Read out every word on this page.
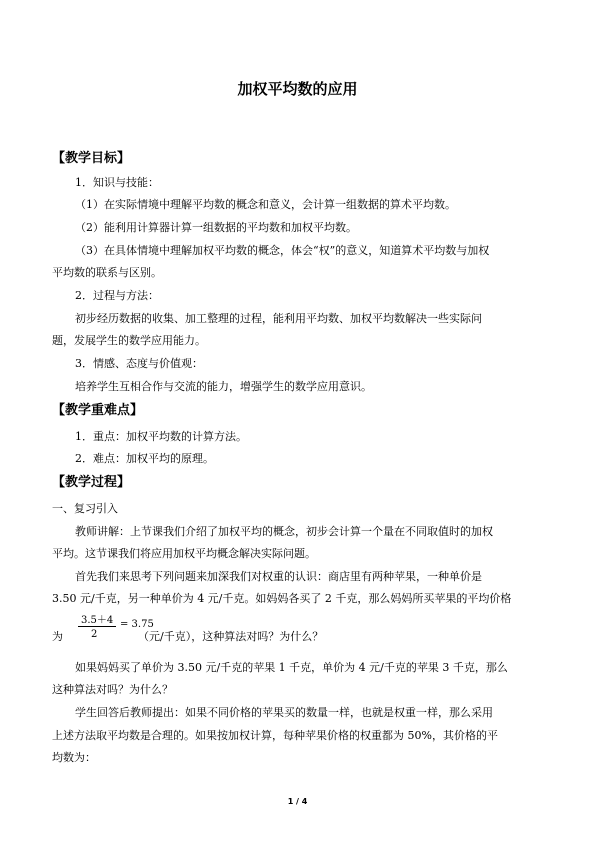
加权平均数的应用
【教学目标】
1．知识与技能：
（1）在实际情境中理解平均数的概念和意义，会计算一组数据的算术平均数。
（2）能利用计算器计算一组数据的平均数和加权平均数。
（3）在具体情境中理解加权平均数的概念，体会“权”的意义，知道算术平均数与加权
平均数的联系与区别。
2．过程与方法：
初步经历数据的收集、加工整理的过程，能利用平均数、加权平均数解决一些实际问
题，发展学生的数学应用能力。
3．情感、态度与价值观：
培养学生互相合作与交流的能力，增强学生的数学应用意识。
【教学重难点】
1．重点：加权平均数的计算方法。
2．难点：加权平均的原理。
【教学过程】
一、复习引入
教师讲解：上节课我们介绍了加权平均的概念，初步会计算一个量在不同取值时的加权
平均。这节课我们将应用加权平均概念解决实际问题。
首先我们来思考下列问题来加深我们对权重的认识：商店里有两种苹果，一种单价是
3.50 元/千克，另一种单价为 4 元/千克。如妈妈各买了 2 千克，那么妈妈所买苹果的平均价格
为
3.5＋4
2
= 3.75
（元/千克），这种算法对吗？为什么？
如果妈妈买了单价为 3.50 元/千克的苹果 1 千克，单价为 4 元/千克的苹果 3 千克，那么
这种算法对吗？为什么？
学生回答后教师提出：如果不同价格的苹果买的数量一样，也就是权重一样，那么采用
上述方法取平均数是合理的。如果按加权计算，每种苹果价格的权重都为 50%，其价格的平
均数为：
1 / 4
